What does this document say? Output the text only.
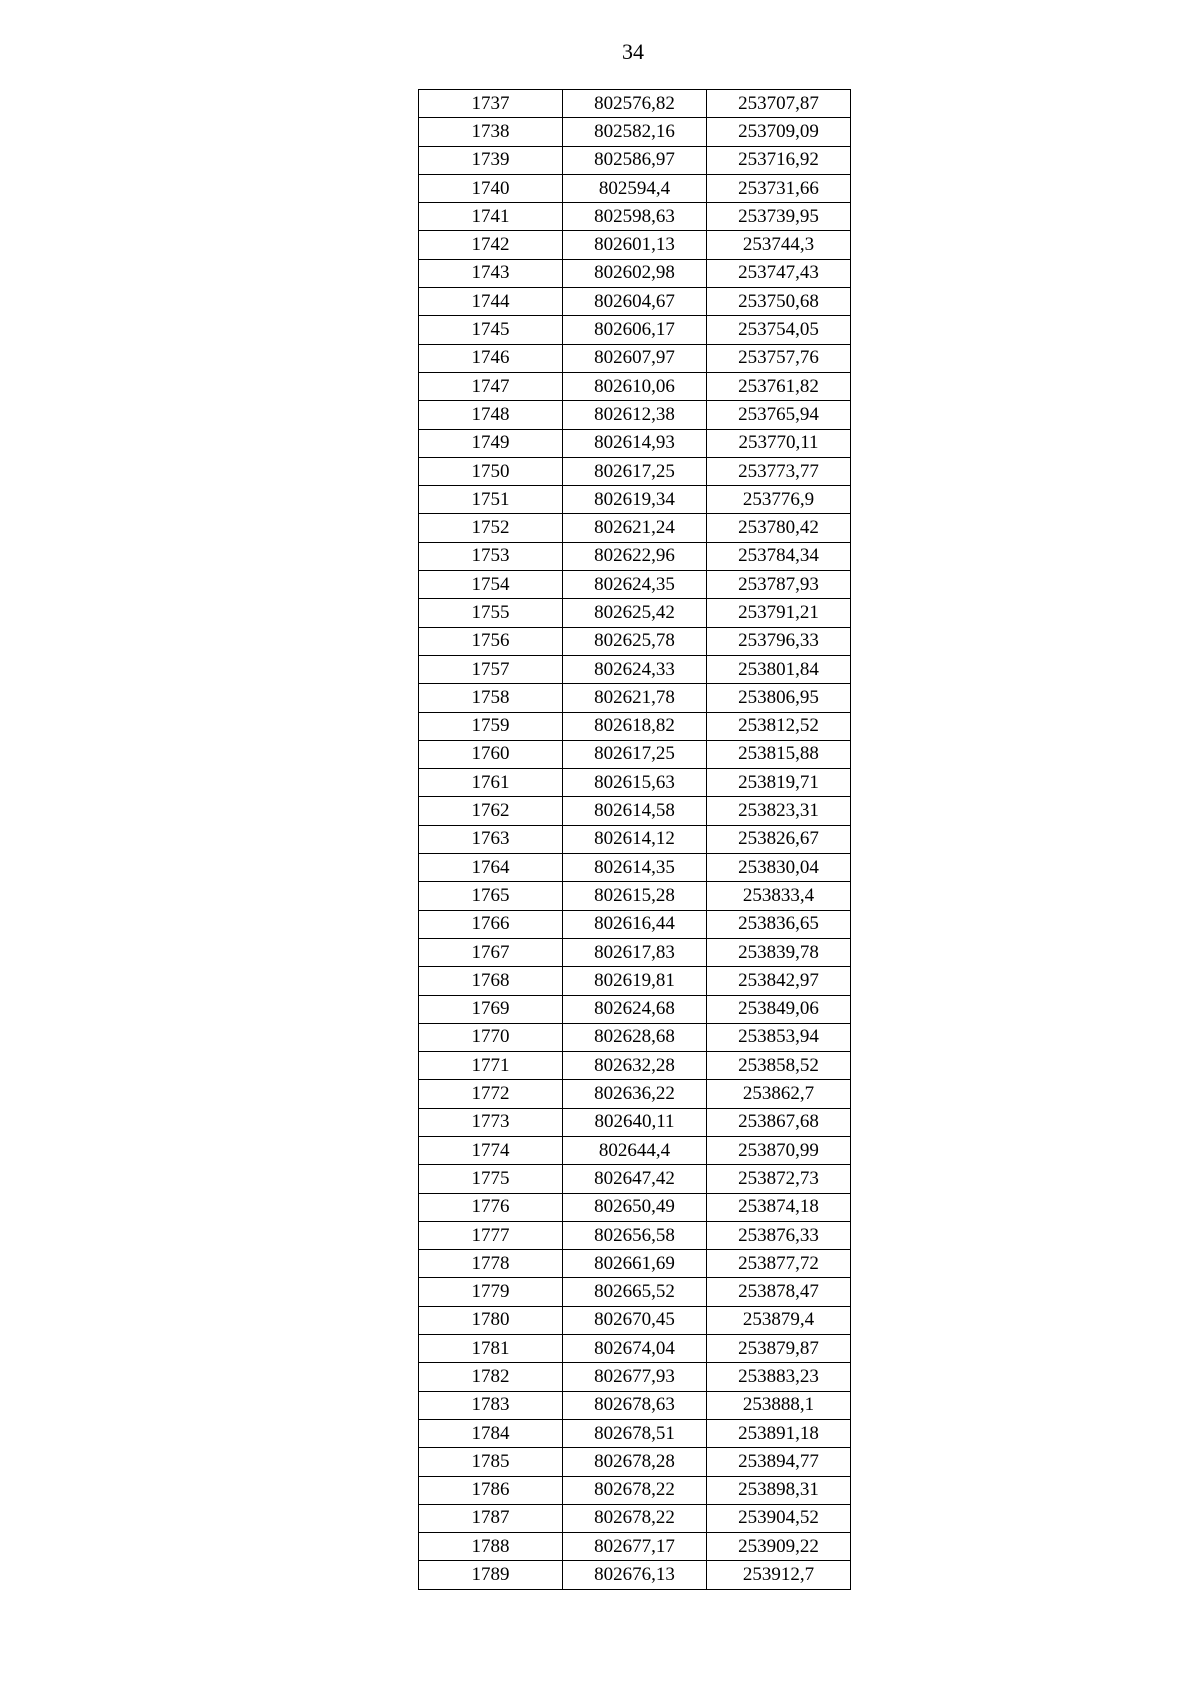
34
1737	802576,82	253707,87
1738	802582,16	253709,09
1739	802586,97	253716,92
1740	802594,4	253731,66
1741	802598,63	253739,95
1742	802601,13	253744,3
1743	802602,98	253747,43
1744	802604,67	253750,68
1745	802606,17	253754,05
1746	802607,97	253757,76
1747	802610,06	253761,82
1748	802612,38	253765,94
1749	802614,93	253770,11
1750	802617,25	253773,77
1751	802619,34	253776,9
1752	802621,24	253780,42
1753	802622,96	253784,34
1754	802624,35	253787,93
1755	802625,42	253791,21
1756	802625,78	253796,33
1757	802624,33	253801,84
1758	802621,78	253806,95
1759	802618,82	253812,52
1760	802617,25	253815,88
1761	802615,63	253819,71
1762	802614,58	253823,31
1763	802614,12	253826,67
1764	802614,35	253830,04
1765	802615,28	253833,4
1766	802616,44	253836,65
1767	802617,83	253839,78
1768	802619,81	253842,97
1769	802624,68	253849,06
1770	802628,68	253853,94
1771	802632,28	253858,52
1772	802636,22	253862,7
1773	802640,11	253867,68
1774	802644,4	253870,99
1775	802647,42	253872,73
1776	802650,49	253874,18
1777	802656,58	253876,33
1778	802661,69	253877,72
1779	802665,52	253878,47
1780	802670,45	253879,4
1781	802674,04	253879,87
1782	802677,93	253883,23
1783	802678,63	253888,1
1784	802678,51	253891,18
1785	802678,28	253894,77
1786	802678,22	253898,31
1787	802678,22	253904,52
1788	802677,17	253909,22
1789	802676,13	253912,7
